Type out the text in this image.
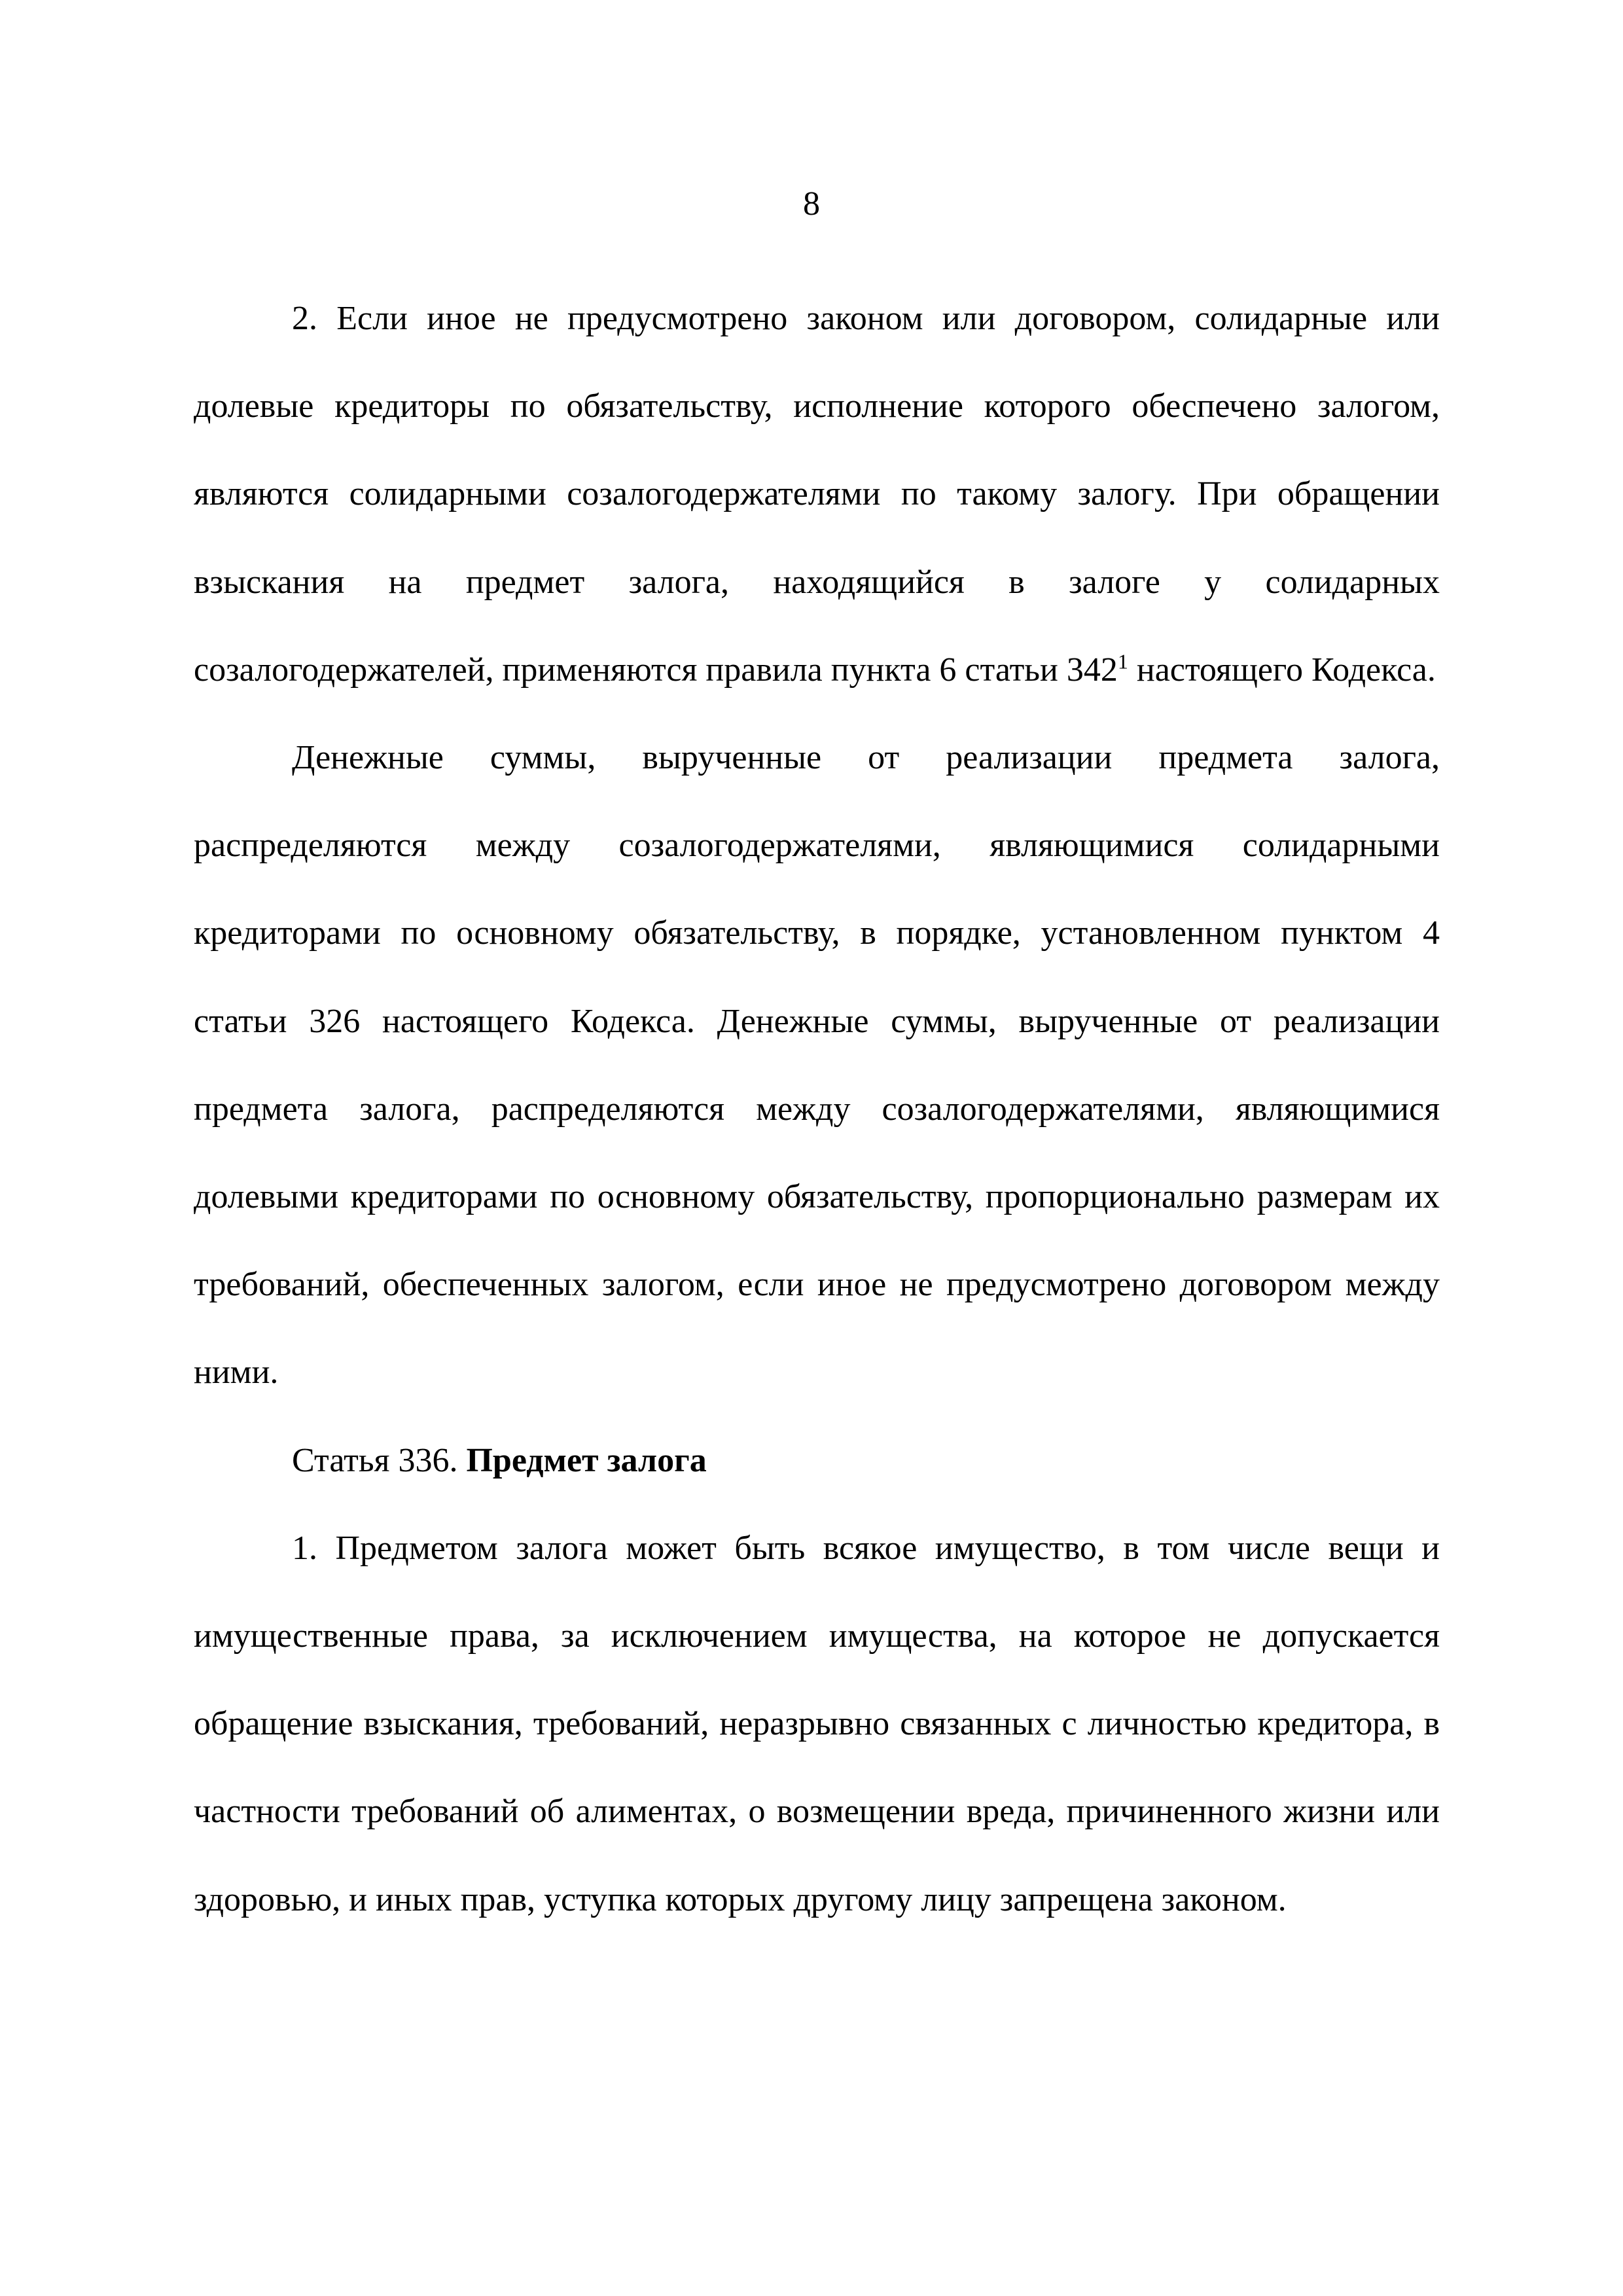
8

2. Если иное не предусмотрено законом или договором, солидарные или долевые кредиторы по обязательству, исполнение которого обеспечено залогом, являются солидарными созалогодержателями по такому залогу. При обращении взыскания на предмет залога, находящийся в залоге у солидарных созалогодержателей, применяются правила пункта 6 статьи $342^1$ настоящего Кодекса.

Денежные суммы, вырученные от реализации предмета залога, распределяются между созалогодержателями, являющимися солидарными кредиторами по основному обязательству, в порядке, установленном пунктом 4 статьи 326 настоящего Кодекса. Денежные суммы, вырученные от реализации предмета залога, распределяются между созалогодержателями, являющимися долевыми кредиторами по основному обязательству, пропорционально размерам их требований, обеспеченных залогом, если иное не предусмотрено договором между ними.

Статья 336. Предмет залога

1. Предметом залога может быть всякое имущество, в том числе вещи и имущественные права, за исключением имущества, на которое не допускается обращение взыскания, требований, неразрывно связанных с личностью кредитора, в частности требований об алиментах, о возмещении вреда, причиненного жизни или здоровью, и иных прав, уступка которых другому лицу запрещена законом.
